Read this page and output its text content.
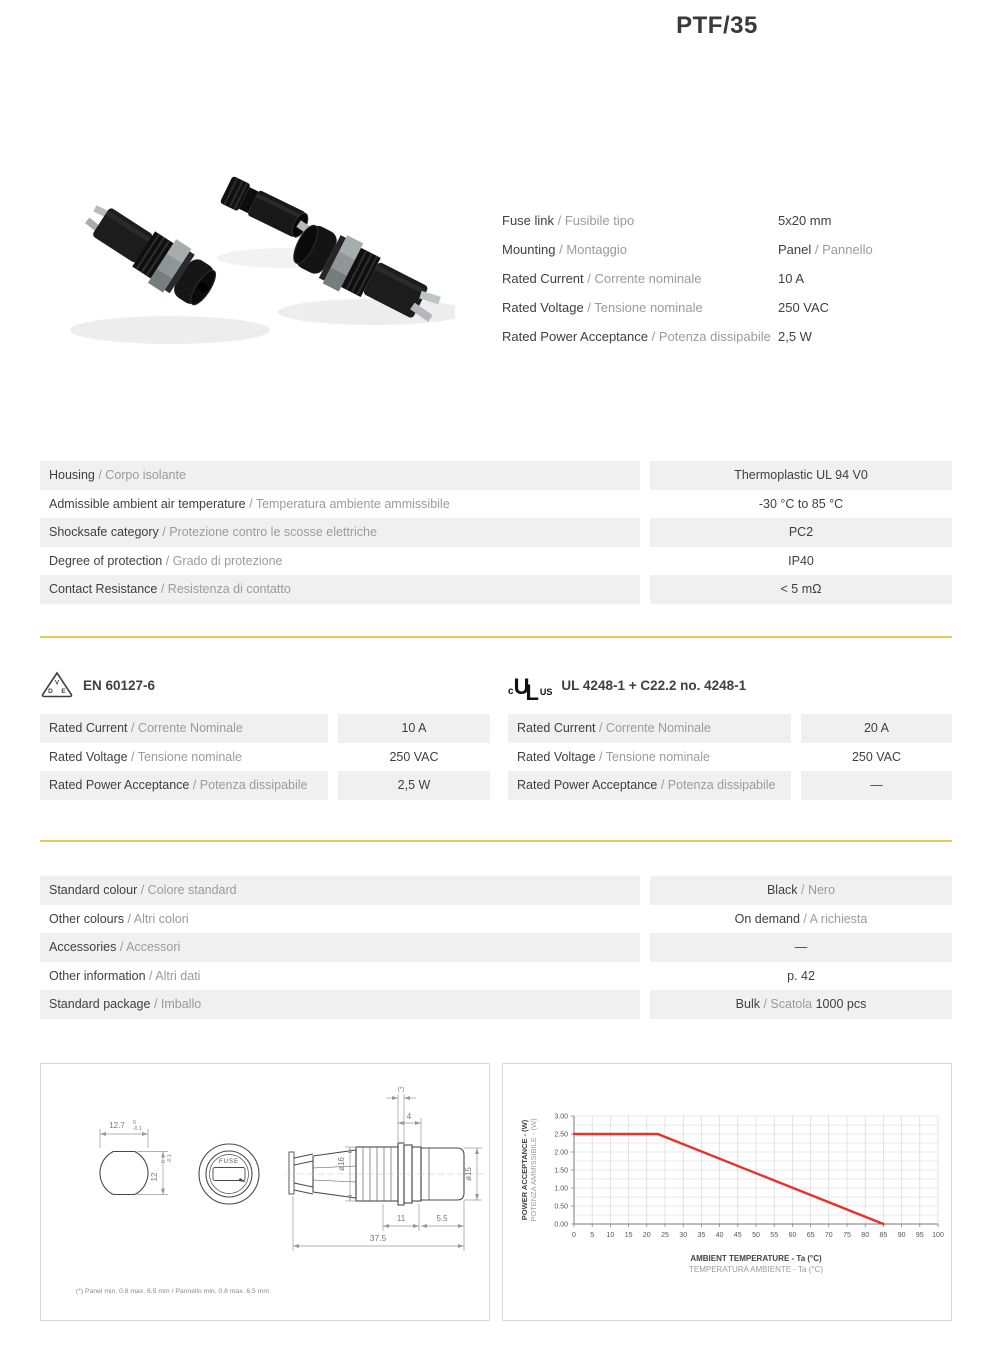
PTF/35
Fuse link / Fusibile tipo	5x20 mm
Mounting / Montaggio	Panel / Pannello
Rated Current / Corrente nominale	10 A
Rated Voltage / Tensione nominale	250 VAC
Rated Power Acceptance / Potenza dissipabile 2,5 W
Housing / Corpo isolante	Thermoplastic UL 94 V0
Admissible ambient air temperature / Temperatura ambiente ammissibile	-30 °C to 85 °C
Shocksafe category / Protezione contro le scosse elettriche	PC2
Degree of protection / Grado di protezione	IP40
Contact Resistance / Resistenza di contatto	< 5 mΩ
V
D E EN 60127-6
Rated Current / Corrente Nominale	10 A
Rated Voltage / Tensione nominale	250 VAC
Rated Power Acceptance / Potenza dissipabile	2,5 W
c U
L US UL 4248-1 + C22.2 no. 4248-1
Rated Current / Corrente Nominale	20 A
Rated Voltage / Tensione nominale	250 VAC
Rated Power Acceptance / Potenza dissipabile	—
Standard colour / Colore standard	Black / Nero
Other colours / Altri colori	On demand / A richiesta
Accessories / Accessori	—
Other information / Altri dati	p. 42
Standard package / Imballo	Bulk / Scatola 1000 pcs
12.7 0
-0.1
12
0 -0.1	FUSE	ø16
4
(*)
ø15
11	5.5
37.5
(*) Panel min. 0.8 max. 6.5 mm / Pannello min. 0.8 max. 6.5 mm
0 5 10 15 20 25 30 35 40 45 50 55 60 65 70 75 80 85 90 95 100
0.00
0.50
1.00
1.50
2.00
2.50
3.00
AMBIENT TEMPERATURE - Ta (°C)
TEMPERATURA AMBIENTE - Ta (°C)
POWER ACCEPTANCE - (W) POTENZA AMMISSIBILE - (W)
